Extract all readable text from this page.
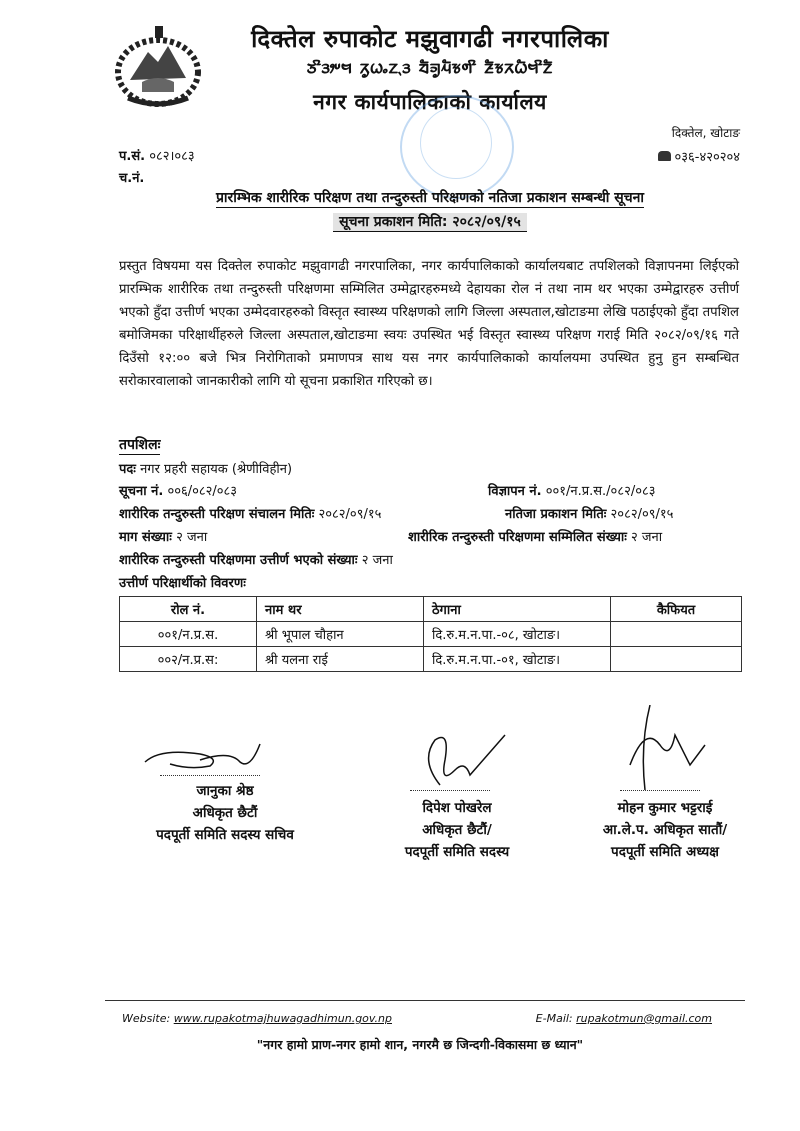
दिक्तेल रुपाकोट मझुवागढी नगरपालिका
ᤍᤡᤋᤣᤸᤗ ᤖᤢᤐᤱᤁᤷᤋ ᤔᤠᤈᤢᤘᤠᤃᤛᤡ ᤏᤠᤃᤖᤐᤠᤗᤡᤁᤠ
नगर कार्यपालिकाको कार्यालय
दिक्तेल, खोटाङ
०३६-४२०२०४
प.सं. ०८२।०८३
च.नं.
प्रारम्भिक शारीरिक परिक्षण तथा तन्दुरुस्ती परिक्षणको नतिजा प्रकाशन सम्बन्धी सूचना
सूचना प्रकाशन मिति: २०८२/०९/१५
प्रस्तुत विषयमा यस दिक्तेल रुपाकोट मझुवागढी नगरपालिका, नगर कार्यपालिकाको कार्यालयबाट तपशिलको विज्ञापनमा लिईएको प्रारम्भिक शारीरिक तथा तन्दुरुस्ती परिक्षणमा सम्मिलित उम्मेद्वारहरुमध्ये देहायका रोल नं तथा नाम थर भएका उम्मेद्वारहरु उत्तीर्ण भएको हुँदा उत्तीर्ण भएका उम्मेदवारहरुको विस्तृत स्वास्थ्य परिक्षणको लागि जिल्ला अस्पताल,खोटाङमा लेखि पठाईएको हुँदा तपशिल बमोजिमका परिक्षार्थीहरुले जिल्ला अस्पताल,खोटाङमा स्वयः उपस्थित भई विस्तृत स्वास्थ्य परिक्षण गराई मिति २०८२/०९/१६ गते दिउँसो १२:०० बजे भित्र निरोगिताको प्रमाणपत्र साथ यस नगर कार्यपालिकाको कार्यालयमा उपस्थित हुनु हुन सम्बन्धित सरोकारवालाको जानकारीको लागि यो सूचना प्रकाशित गरिएको छ।
तपशिलः
पदः नगर प्रहरी सहायक (श्रेणीविहीन)
सूचना नं. ००६/०८२/०८३	विज्ञापन नं. ००१/न.प्र.स./०८२/०८३
शारीरिक तन्दुरुस्ती परिक्षण संचालन मितिः २०८२/०९/१५	नतिजा प्रकाशन मितिः २०८२/०९/१५
माग संख्याः २ जना	शारीरिक तन्दुरुस्ती परिक्षणमा सम्मिलित संख्याः २ जना
शारीरिक तन्दुरुस्ती परिक्षणमा उत्तीर्ण भएको संख्याः २ जना
उत्तीर्ण परिक्षार्थीको विवरणः
रोल नं.	नाम थर	ठेगाना	कैफियत
००१/न.प्र.स.	श्री भूपाल चौहान	दि.रु.म.न.पा.-०८, खोटाङ।	
००२/न.प्र.स:	श्री यलना राई	दि.रु.म.न.पा.-०१, खोटाङ।	
जानुका श्रेष्ठ
अधिकृत छैटौं
पदपूर्ती समिति सदस्य सचिव
दिपेश पोखरेल
अधिकृत छैटौं/
पदपूर्ती समिति सदस्य
मोहन कुमार भट्टराई
आ.ले.प. अधिकृत सातौं/
पदपूर्ती समिति अध्यक्ष
Website: www.rupakotmajhuwagadhimun.gov.np	E-Mail: rupakotmun@gmail.com
"नगर हामो प्राण-नगर हामो शान, नगरमै छ जिन्दगी-विकासमा छ ध्यान"
